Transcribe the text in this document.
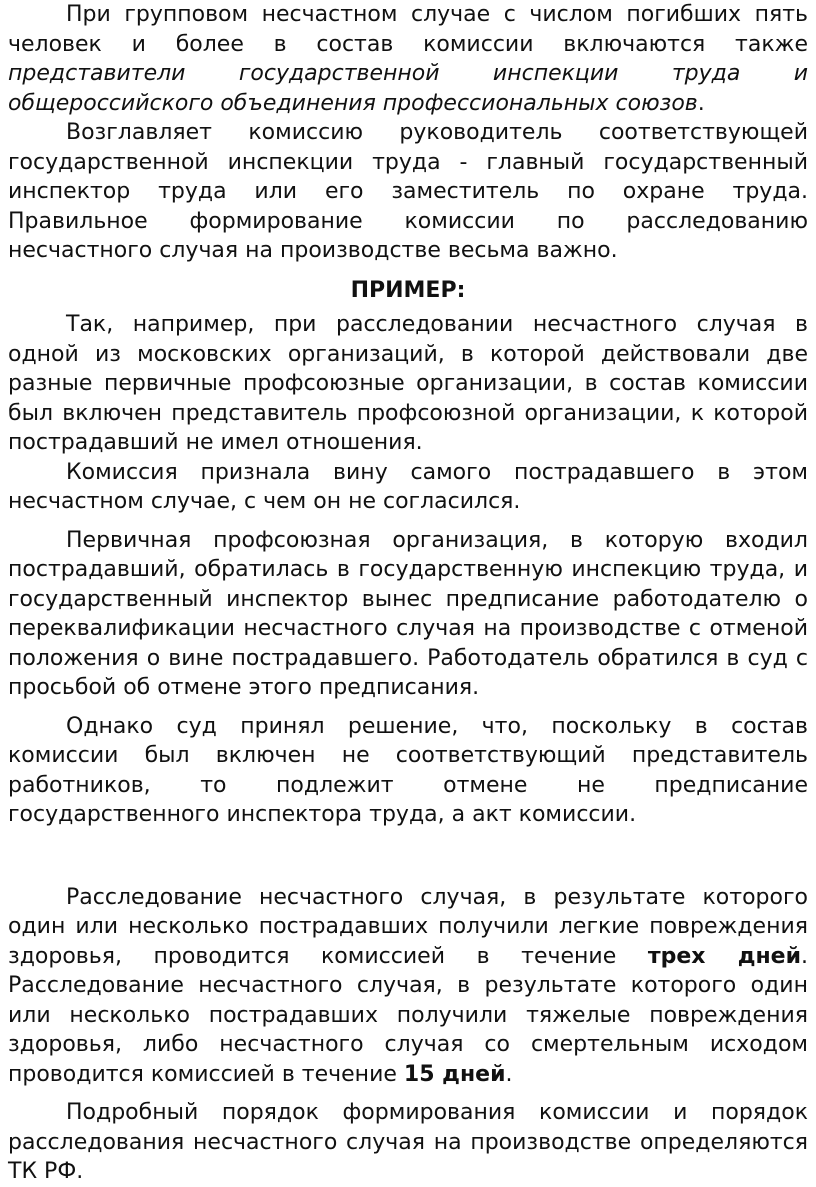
При групповом несчастном случае с числом погибших пять человек и более в состав комиссии включаются также представители государственной инспекции труда и общероссийского объединения профессиональных союзов.

Возглавляет комиссию руководитель соответствующей государственной инспекции труда - главный государственный инспектор труда или его заместитель по охране труда. Правильное формирование комиссии по расследованию несчастного случая на производстве весьма важно.

ПРИМЕР:

Так, например, при расследовании несчастного случая в одной из московских организаций, в которой действовали две разные первичные профсоюзные организации, в состав комиссии был включен представитель профсоюзной организации, к которой пострадавший не имел отношения.

Комиссия признала вину самого пострадавшего в этом несчастном случае, с чем он не согласился.

Первичная профсоюзная организация, в которую входил пострадавший, обратилась в государственную инспекцию труда, и государственный инспектор вынес предписание работодателю о переквалификации несчастного случая на производстве с отменой положения о вине пострадавшего. Работодатель обратился в суд с просьбой об отмене этого предписания.

Однако суд принял решение, что, поскольку в состав комиссии был включен не соответствующий представитель работников, то подлежит отмене не предписание государственного инспектора труда, а акт комиссии.

Расследование несчастного случая, в результате которого один или несколько пострадавших получили легкие повреждения здоровья, проводится комиссией в течение трех дней. Расследование несчастного случая, в результате которого один или несколько пострадавших получили тяжелые повреждения здоровья, либо несчастного случая со смертельным исходом проводится комиссией в течение 15 дней.

Подробный порядок формирования комиссии и порядок расследования несчастного случая на производстве определяются ТК РФ.
